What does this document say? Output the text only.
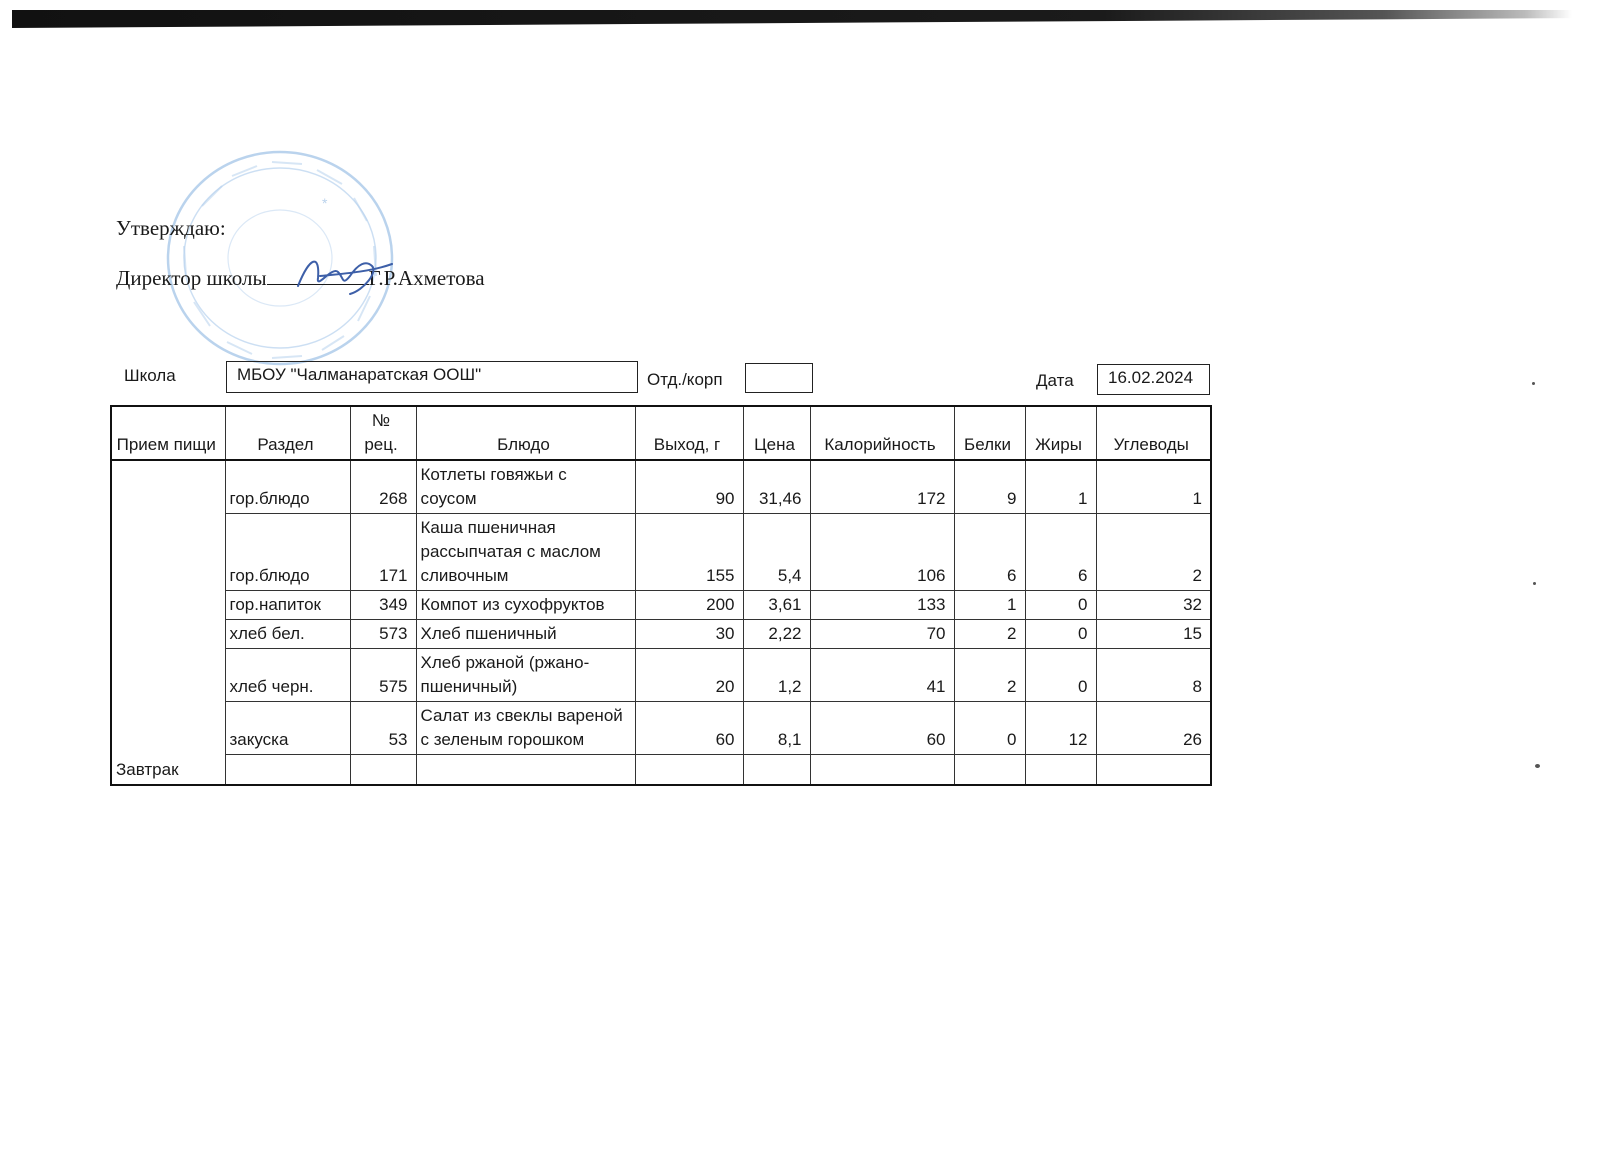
*
Утверждаю:
Директор школы	Г.Р.Ахметова
Школа	МБОУ "Чалманаратская ООШ"	Отд./корп	Дата	16.02.2024
Прием пищи	Раздел	№ рец.	Блюдо	Выход, г	Цена	Калорийность	Белки	Жиры	Углеводы
Завтрак	гор.блюдо	268	Котлеты говяжьи с соусом	90	31,46	172	9	1	1
	гор.блюдо	171	Каша пшеничная рассыпчатая с маслом сливочным	155	5,4	106	6	6	2
	гор.напиток	349	Компот из сухофруктов	200	3,61	133	1	0	32
	хлеб бел.	573	Хлеб пшеничный	30	2,22	70	2	0	15
	хлеб черн.	575	Хлеб ржаной (ржано-пшеничный)	20	1,2	41	2	0	8
	закуска	53	Салат из свеклы вареной с зеленым горошком	60	8,1	60	0	12	26
